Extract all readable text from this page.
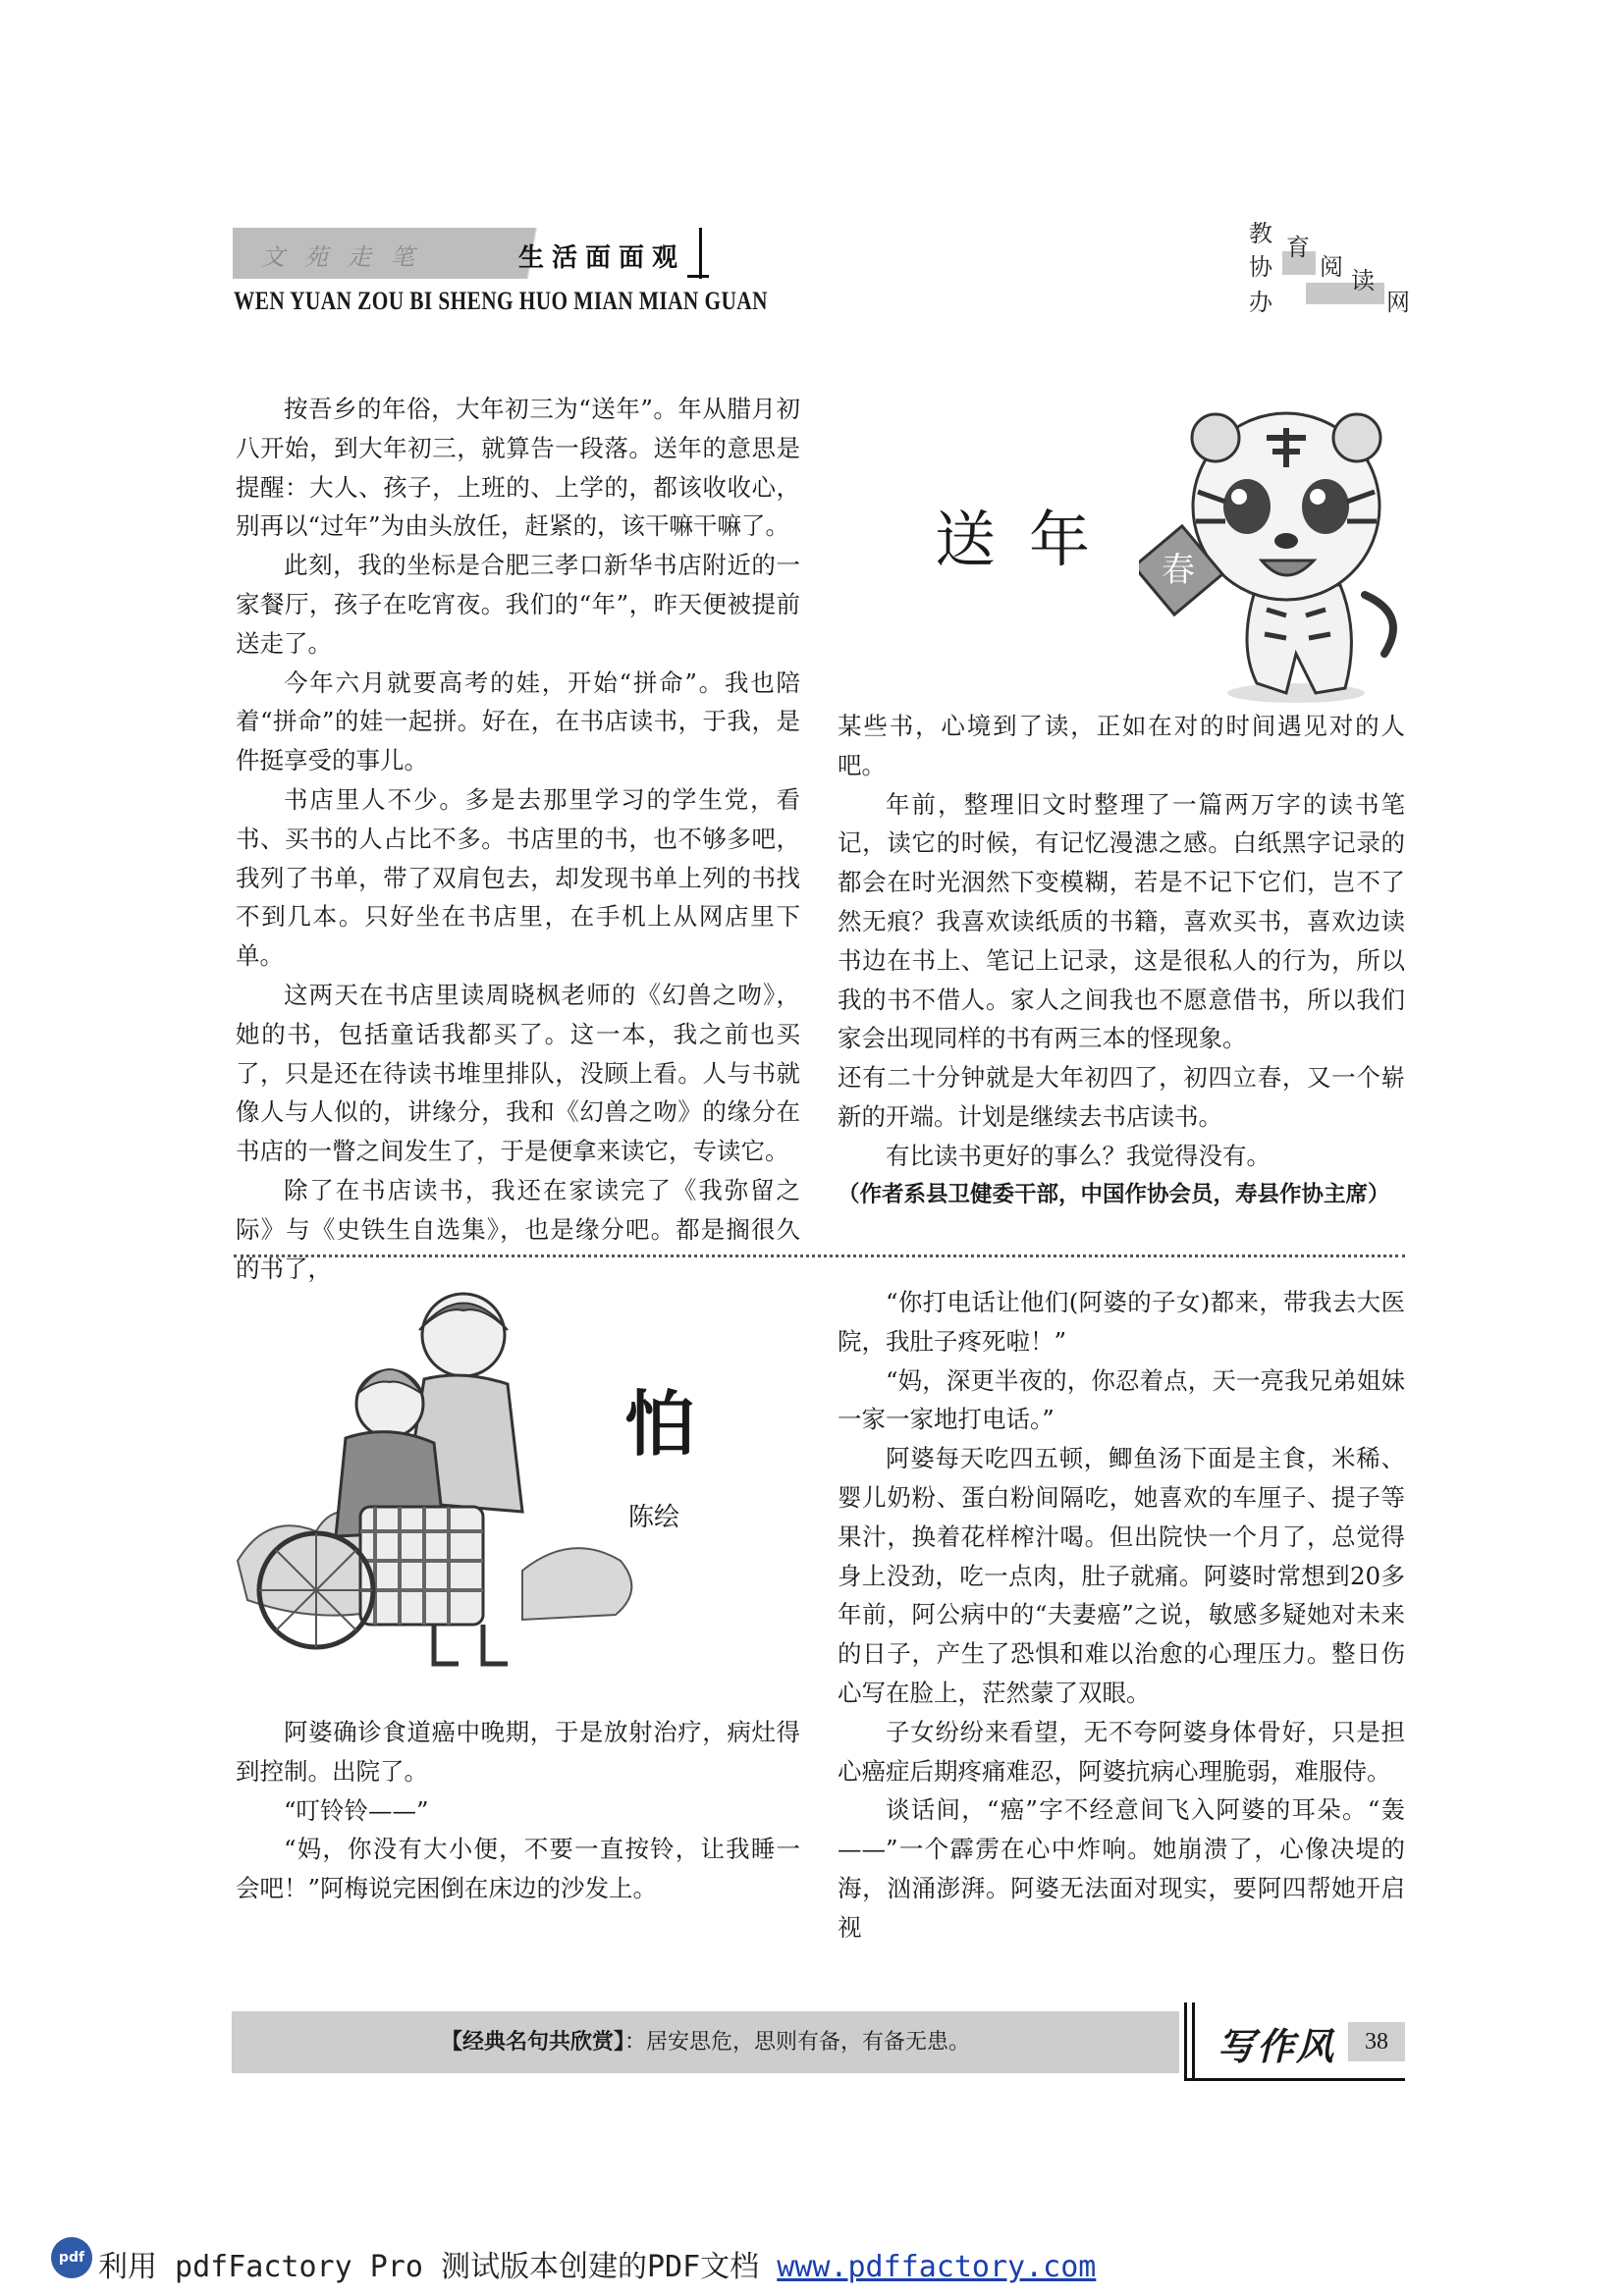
文苑走笔	生活面面观
WEN YUAN ZOU BI SHENG HUO MIAN MIAN GUAN
教 育
协 阅 读
办	网

按吾乡的年俗，大年初三为“送年”。年从腊月初八开始，到大年初三，就算告一段落。送年的意思是提醒：大人、孩子，上班的、上学的，都该收收心，别再以“过年”为由头放任，赶紧的，该干嘛干嘛了。

此刻，我的坐标是合肥三孝口新华书店附近的一家餐厅，孩子在吃宵夜。我们的“年”，昨天便被提前送走了。

今年六月就要高考的娃，开始“拼命”。我也陪着“拼命”的娃一起拼。好在，在书店读书，于我，是件挺享受的事儿。

书店里人不少。多是去那里学习的学生党，看书、买书的人占比不多。书店里的书，也不够多吧，我列了书单，带了双肩包去，却发现书单上列的书找不到几本。只好坐在书店里，在手机上从网店里下单。

这两天在书店里读周晓枫老师的《幻兽之吻》，她的书，包括童话我都买了。这一本，我之前也买了，只是还在待读书堆里排队，没顾上看。人与书就像人与人似的，讲缘分，我和《幻兽之吻》的缘分在书店的一瞥之间发生了，于是便拿来读它，专读它。

除了在书店读书，我还在家读完了《我弥留之际》与《史铁生自选集》，也是缘分吧。都是搁很久的书了，

送年 春

某些书，心境到了读，正如在对的时间遇见对的人吧。

年前，整理旧文时整理了一篇两万字的读书笔记，读它的时候，有记忆漫漶之感。白纸黑字记录的都会在时光洇然下变模糊，若是不记下它们，岂不了然无痕？我喜欢读纸质的书籍，喜欢买书，喜欢边读书边在书上、笔记上记录，这是很私人的行为，所以我的书不借人。家人之间我也不愿意借书，所以我们家会出现同样的书有两三本的怪现象。

还有二十分钟就是大年初四了，初四立春，又一个崭新的开端。计划是继续去书店读书。

有比读书更好的事么？我觉得没有。

（作者系县卫健委干部，中国作协会员，寿县作协主席）

怕
陈绘

阿婆确诊食道癌中晚期，于是放射治疗，病灶得到控制。出院了。

“叮铃铃——”

“妈，你没有大小便，不要一直按铃，让我睡一会吧！”阿梅说完困倒在床边的沙发上。

“你打电话让他们(阿婆的子女)都来，带我去大医院，我肚子疼死啦！”

“妈，深更半夜的，你忍着点，天一亮我兄弟姐妹一家一家地打电话。”

阿婆每天吃四五顿，鲫鱼汤下面是主食，米稀、婴儿奶粉、蛋白粉间隔吃，她喜欢的车厘子、提子等果汁，换着花样榨汁喝。但出院快一个月了，总觉得身上没劲，吃一点肉，肚子就痛。阿婆时常想到20多年前，阿公病中的“夫妻癌”之说，敏感多疑她对未来的日子，产生了恐惧和难以治愈的心理压力。整日伤心写在脸上，茫然蒙了双眼。

子女纷纷来看望，无不夸阿婆身体骨好，只是担心癌症后期疼痛难忍，阿婆抗病心理脆弱，难服侍。

谈话间，“癌”字不经意间飞入阿婆的耳朵。“轰——”一个霹雳在心中炸响。她崩溃了，心像决堤的海，汹涌澎湃。阿婆无法面对现实，要阿四帮她开启视

【经典名句共欣赏】：居安思危，思则有备，有备无患。	写作风	38
pdf 利用 pdfFactory Pro 测试版本创建的PDF文档 www.pdffactory.com
